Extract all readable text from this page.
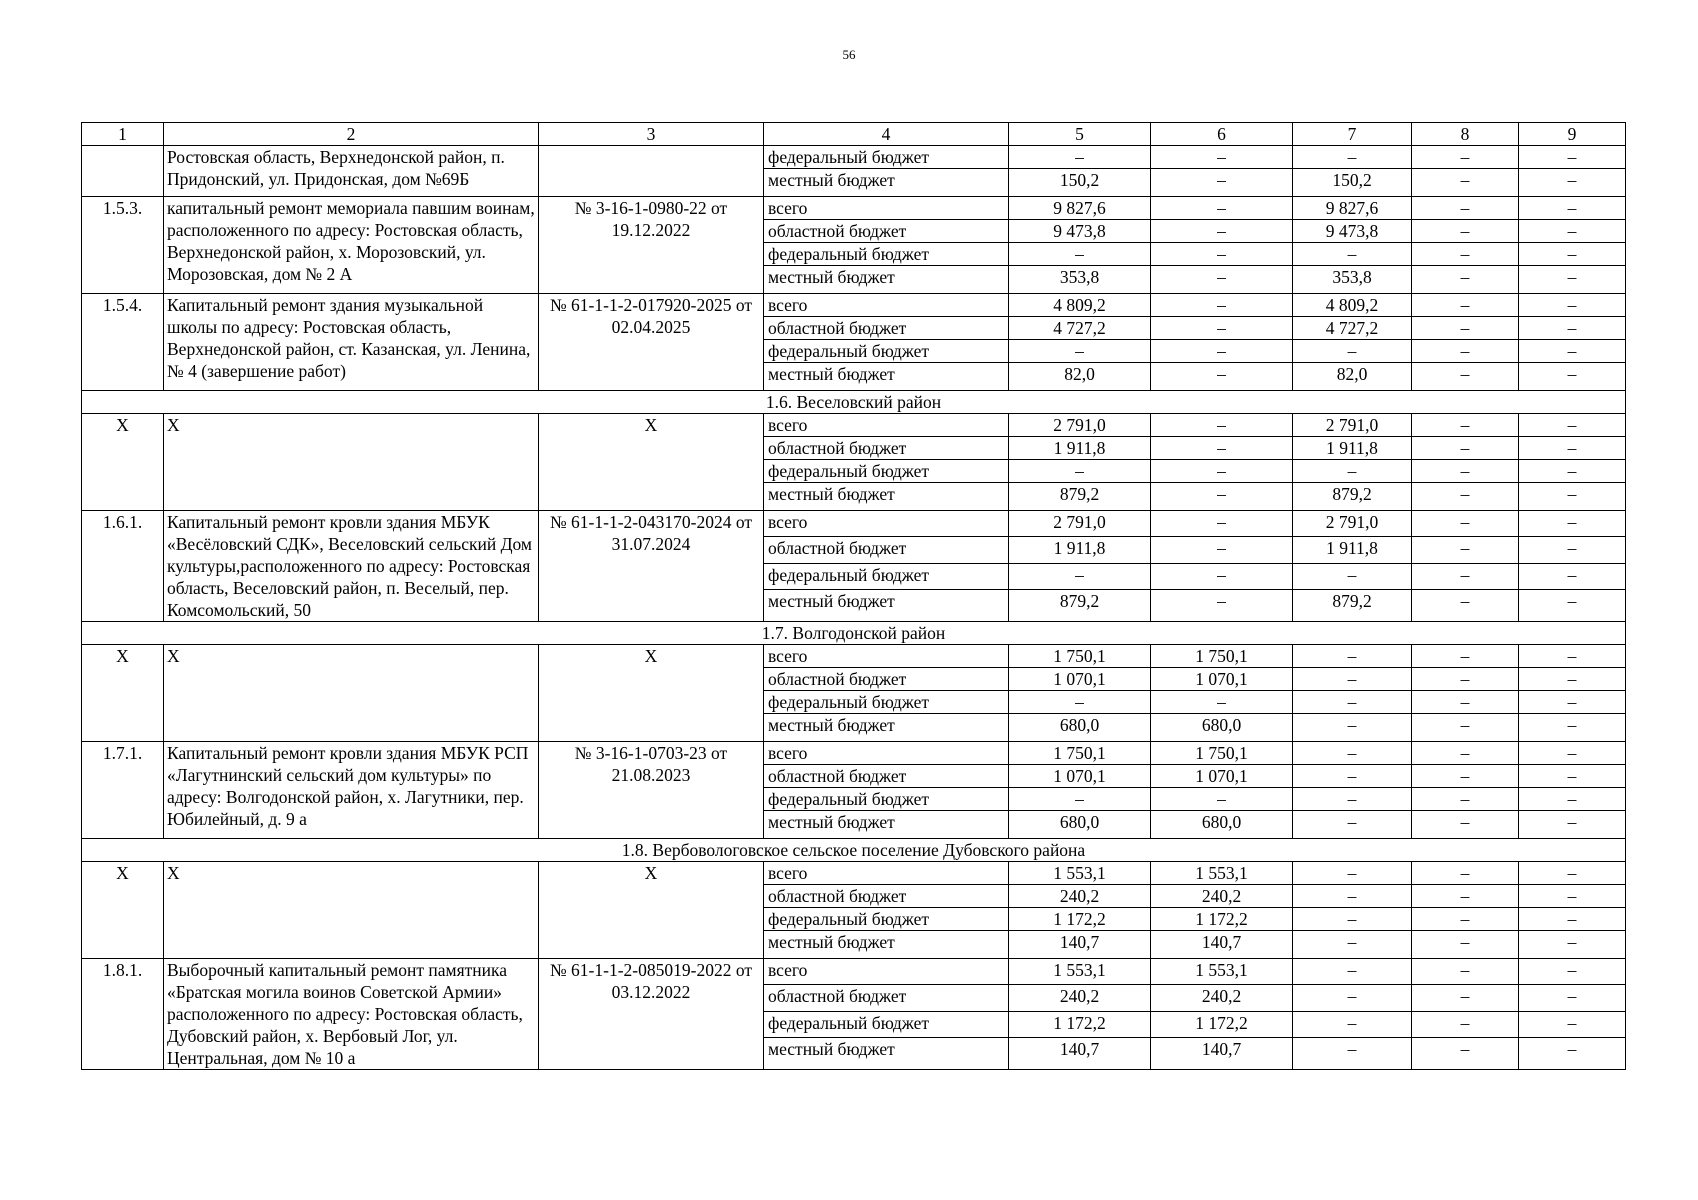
56
1	2	3	4	5	6	7	8	9
	Ростовская область, Верхнедонской район, п. Придонский, ул. Придонская, дом №69Б		федеральный бюджет	–	–	–	–	–
			местный бюджет	150,2	–	150,2	–	–
1.5.3.	капитальный ремонт мемориала павшим воинам, расположенного по адресу: Ростовская область, Верхнедонской район, х. Морозовский, ул. Морозовская, дом № 2 А	№ 3-16-1-0980-22 от 19.12.2022	всего	9 827,6	–	9 827,6	–	–
			областной бюджет	9 473,8	–	9 473,8	–	–
			федеральный бюджет	–	–	–	–	–
			местный бюджет	353,8	–	353,8	–	–
1.5.4.	Капитальный ремонт здания музыкальной школы по адресу: Ростовская область, Верхнедонской район, ст. Казанская, ул. Ленина, № 4 (завершение работ)	№ 61-1-1-2-017920-2025 от 02.04.2025	всего	4 809,2	–	4 809,2	–	–
			областной бюджет	4 727,2	–	4 727,2	–	–
			федеральный бюджет	–	–	–	–	–
			местный бюджет	82,0	–	82,0	–	–
1.6. Веселовский район								
Х	Х	Х	всего	2 791,0	–	2 791,0	–	–
			областной бюджет	1 911,8	–	1 911,8	–	–
			федеральный бюджет	–	–	–	–	–
			местный бюджет	879,2	–	879,2	–	–
1.6.1.	Капитальный ремонт кровли здания МБУК «Весёловский СДК», Веселовский сельский Дом культуры,расположенного по адресу: Ростовская область, Веселовский район, п. Веселый, пер. Комсомольский, 50	№ 61-1-1-2-043170-2024 от 31.07.2024	всего	2 791,0	–	2 791,0	–	–
			областной бюджет	1 911,8	–	1 911,8	–	–
			федеральный бюджет	–	–	–	–	–
			местный бюджет	879,2	–	879,2	–	–
1.7. Волгодонской район								
Х	Х	Х	всего	1 750,1	1 750,1	–	–	–
			областной бюджет	1 070,1	1 070,1	–	–	–
			федеральный бюджет	–	–	–	–	–
			местный бюджет	680,0	680,0	–	–	–
1.7.1.	Капитальный ремонт кровли здания МБУК РСП «Лагутнинский сельский дом культуры» по адресу: Волгодонской район, х. Лагутники, пер. Юбилейный, д. 9 а	№ 3-16-1-0703-23 от 21.08.2023	всего	1 750,1	1 750,1	–	–	–
			областной бюджет	1 070,1	1 070,1	–	–	–
			федеральный бюджет	–	–	–	–	–
			местный бюджет	680,0	680,0	–	–	–
1.8. Вербовологовское сельское поселение Дубовского района								
Х	Х	Х	всего	1 553,1	1 553,1	–	–	–
			областной бюджет	240,2	240,2	–	–	–
			федеральный бюджет	1 172,2	1 172,2	–	–	–
			местный бюджет	140,7	140,7	–	–	–
1.8.1.	Выборочный капитальный ремонт памятника «Братская могила воинов Советской Армии» расположенного по адресу: Ростовская область, Дубовский район, х. Вербовый Лог, ул. Центральная, дом № 10 а	№ 61-1-1-2-085019-2022 от 03.12.2022	всего	1 553,1	1 553,1	–	–	–
			областной бюджет	240,2	240,2	–	–	–
			федеральный бюджет	1 172,2	1 172,2	–	–	–
			местный бюджет	140,7	140,7	–	–	–
